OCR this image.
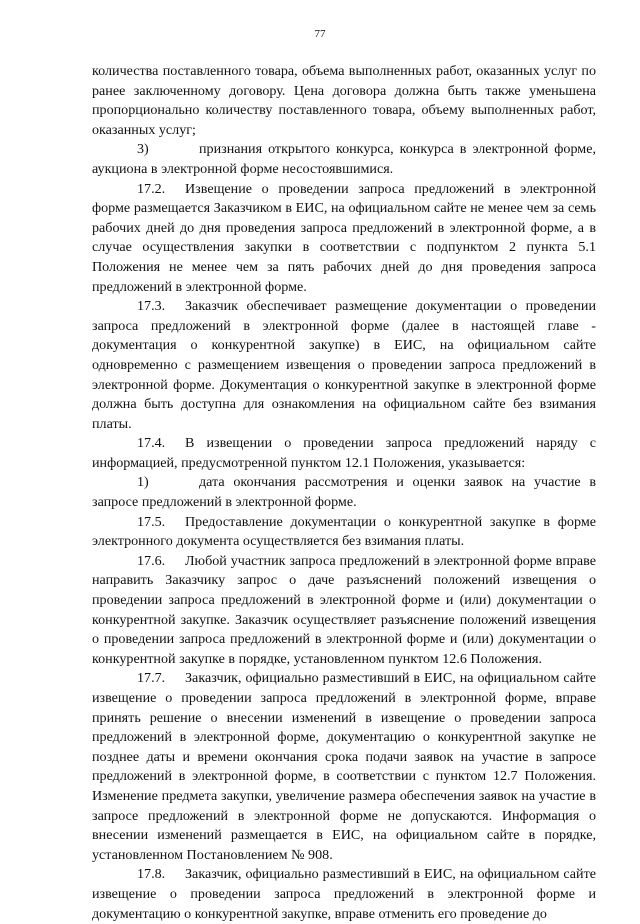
77

количества поставленного товара, объема выполненных работ, оказанных услуг по ранее заключенному договору. Цена договора должна быть также уменьшена пропорционально количеству поставленного товара, объему выполненных работ, оказанных услуг;

3)	признания открытого конкурса, конкурса в электронной форме, аукциона в электронной форме несостоявшимися.

17.2. Извещение о проведении запроса предложений в электронной форме размещается Заказчиком в ЕИС, на официальном сайте не менее чем за семь рабочих дней до дня проведения запроса предложений в электронной форме, а в случае осуществления закупки в соответствии с подпунктом 2 пункта 5.1 Положения не менее чем за пять рабочих дней до дня проведения запроса предложений в электронной форме.

17.3. Заказчик обеспечивает размещение документации о проведении запроса предложений в электронной форме (далее в настоящей главе - документация о конкурентной закупке) в ЕИС, на официальном сайте одновременно с размещением извещения о проведении запроса предложений в электронной форме. Документация о конкурентной закупке в электронной форме должна быть доступна для ознакомления на официальном сайте без взимания платы.

17.4. В извещении о проведении запроса предложений наряду с информацией, предусмотренной пунктом 12.1 Положения, указывается:

1)	дата окончания рассмотрения и оценки заявок на участие в запросе предложений в электронной форме.

17.5. Предоставление документации о конкурентной закупке в форме электронного документа осуществляется без взимания платы.

17.6. Любой участник запроса предложений в электронной форме вправе направить Заказчику запрос о даче разъяснений положений извещения о проведении запроса предложений в электронной форме и (или) документации о конкурентной закупке. Заказчик осуществляет разъяснение положений извещения о проведении запроса предложений в электронной форме и (или) документации о конкурентной закупке в порядке, установленном пунктом 12.6 Положения.

17.7. Заказчик, официально разместивший в ЕИС, на официальном сайте извещение о проведении запроса предложений в электронной форме, вправе принять решение о внесении изменений в извещение о проведении запроса предложений в электронной форме, документацию о конкурентной закупке не позднее даты и времени окончания срока подачи заявок на участие в запросе предложений в электронной форме, в соответствии с пунктом 12.7 Положения. Изменение предмета закупки, увеличение размера обеспечения заявок на участие в запросе предложений в электронной форме не допускаются. Информация о внесении изменений размещается в ЕИС, на официальном сайте в порядке, установленном Постановлением № 908.

17.8. Заказчик, официально разместивший в ЕИС, на официальном сайте извещение о проведении запроса предложений в электронной форме и документацию о конкурентной закупке, вправе отменить его проведение до
